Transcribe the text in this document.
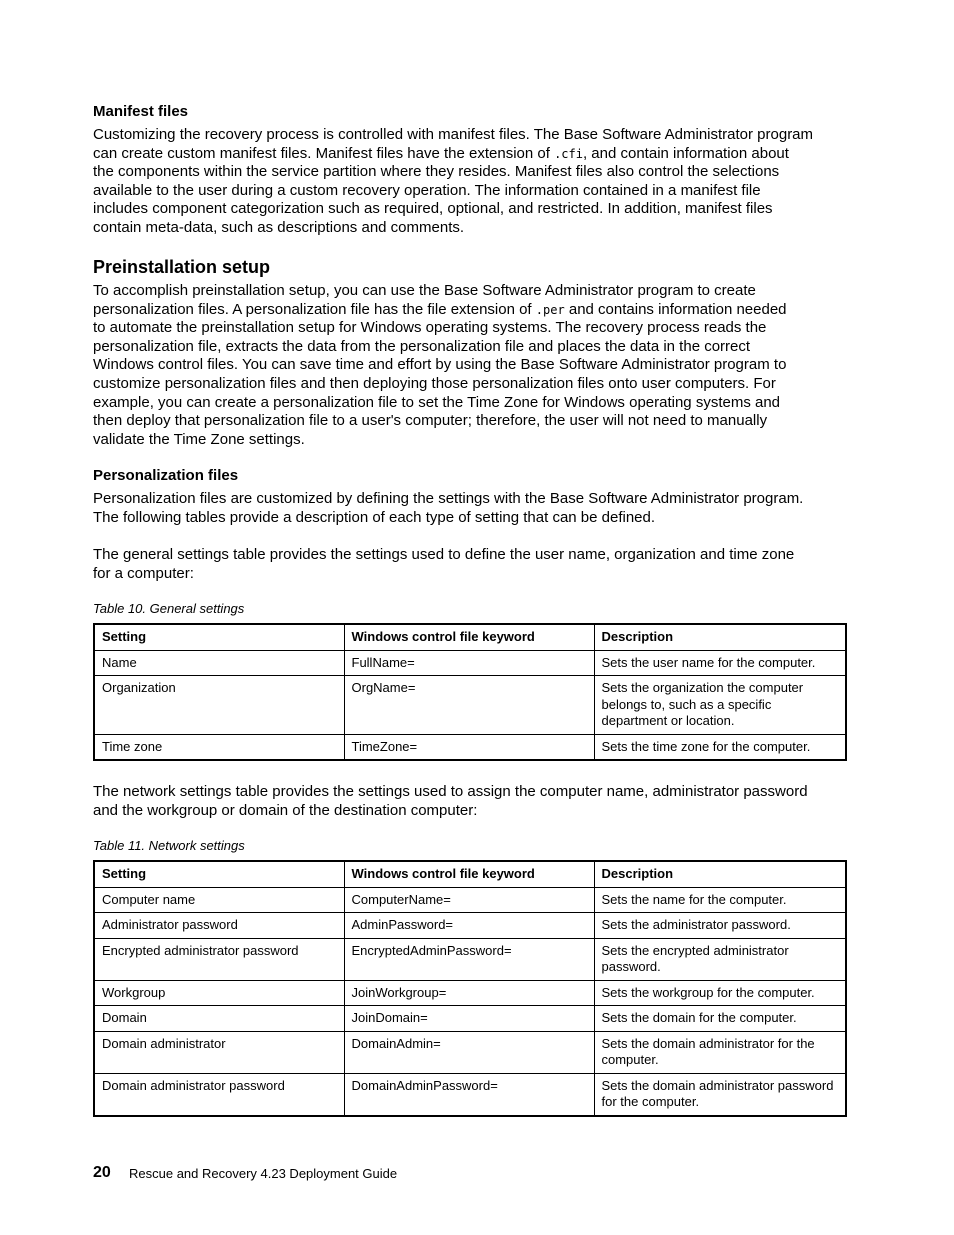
Manifest files
Customizing the recovery process is controlled with manifest files. The Base Software Administrator program
can create custom manifest files. Manifest files have the extension of .cfi, and contain information about
the components within the service partition where they resides. Manifest files also control the selections
available to the user during a custom recovery operation. The information contained in a manifest file
includes component categorization such as required, optional, and restricted. In addition, manifest files
contain meta-data, such as descriptions and comments.
Preinstallation setup
To accomplish preinstallation setup, you can use the Base Software Administrator program to create
personalization files. A personalization file has the file extension of .per and contains information needed
to automate the preinstallation setup for Windows operating systems. The recovery process reads the
personalization file, extracts the data from the personalization file and places the data in the correct
Windows control files. You can save time and effort by using the Base Software Administrator program to
customize personalization files and then deploying those personalization files onto user computers. For
example, you can create a personalization file to set the Time Zone for Windows operating systems and
then deploy that personalization file to a user's computer; therefore, the user will not need to manually
validate the Time Zone settings.
Personalization files
Personalization files are customized by defining the settings with the Base Software Administrator program.
The following tables provide a description of each type of setting that can be defined.
The general settings table provides the settings used to define the user name, organization and time zone
for a computer:
Table 10. General settings
Setting	Windows control file keyword	Description
Name	FullName=	Sets the user name for the computer.
Organization	OrgName=	Sets the organization the computer belongs to, such as a specific department or location.
Time zone	TimeZone=	Sets the time zone for the computer.
The network settings table provides the settings used to assign the computer name, administrator password
and the workgroup or domain of the destination computer:
Table 11. Network settings
Setting	Windows control file keyword	Description
Computer name	ComputerName=	Sets the name for the computer.
Administrator password	AdminPassword=	Sets the administrator password.
Encrypted administrator password	EncryptedAdminPassword=	Sets the encrypted administrator password.
Workgroup	JoinWorkgroup=	Sets the workgroup for the computer.
Domain	JoinDomain=	Sets the domain for the computer.
Domain administrator	DomainAdmin=	Sets the domain administrator for the computer.
Domain administrator password	DomainAdminPassword=	Sets the domain administrator password for the computer.
20 Rescue and Recovery 4.23 Deployment Guide
